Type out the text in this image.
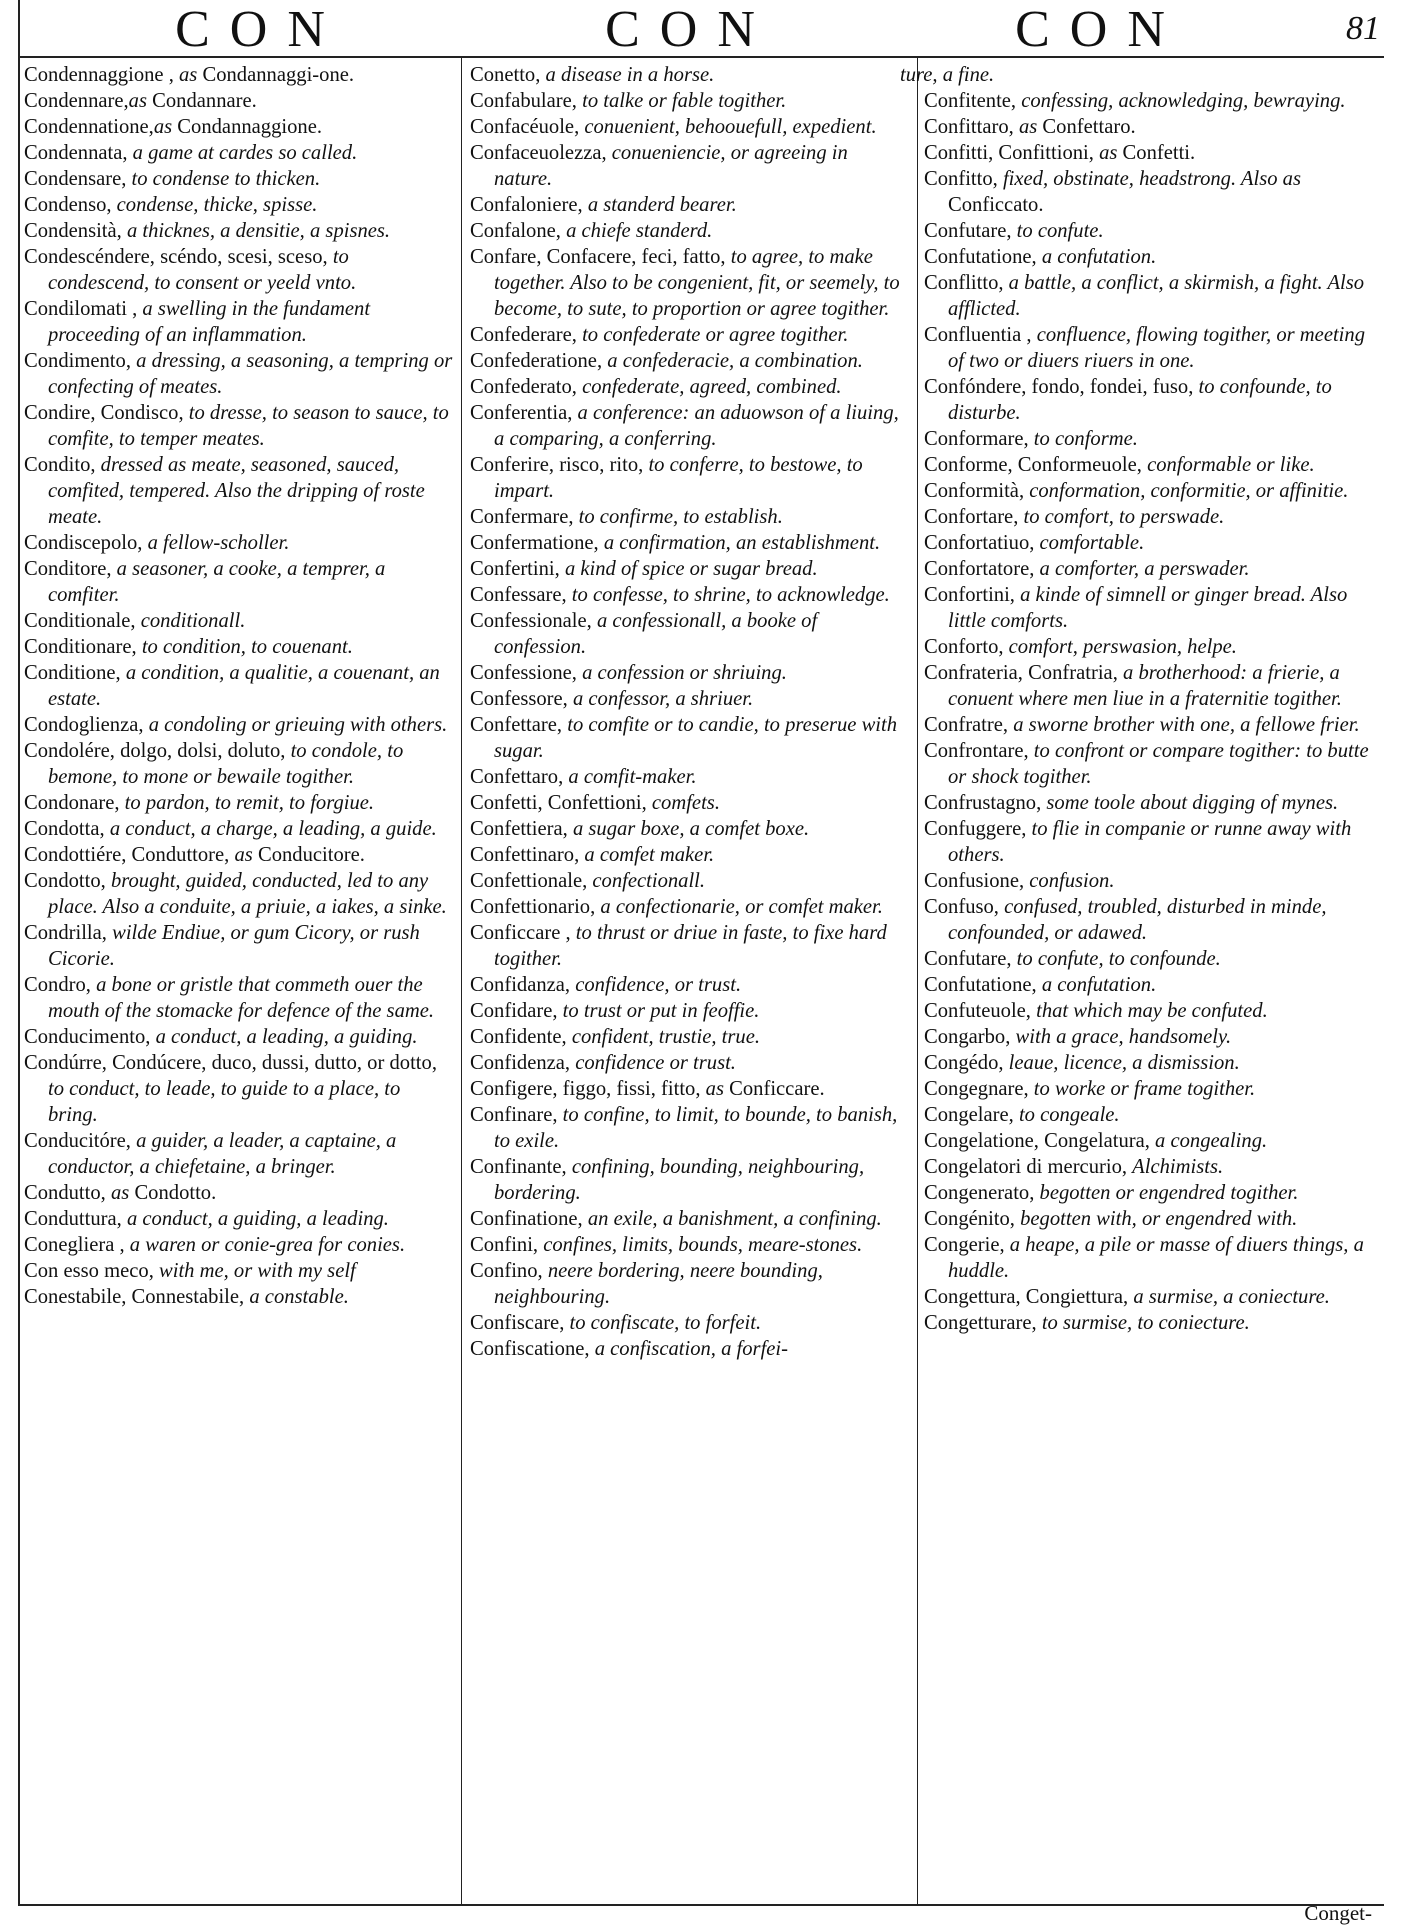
CON	CON	CON	81

Condennaggione , as Condannaggi-one.

Condennare,as Condannare.

Condennatione,as Condannaggione.

Condennata, a game at cardes so called.

Condensare, to condense to thicken.

Condenso, condense, thicke, spisse.

Condensità, a thicknes, a densitie, a spisnes.

Condescéndere, scéndo, scesi, sceso, to condescend, to consent or yeeld vnto.

Condilomati , a swelling in the fundament proceeding of an inflammation.

Condimento, a dressing, a seasoning, a tempring or confecting of meates.

Condire, Condisco, to dresse, to season to sauce, to comfite, to temper meates.

Condito, dressed as meate, seasoned, sauced, comfited, tempered. Also the dripping of roste meate.

Condiscepolo, a fellow-scholler.

Conditore, a seasoner, a cooke, a temprer, a comfiter.

Conditionale, conditionall.

Conditionare, to condition, to couenant.

Conditione, a condition, a qualitie, a couenant, an estate.

Condoglienza, a condoling or grieuing with others.

Condolére, dolgo, dolsi, doluto, to condole, to bemone, to mone or bewaile togither.

Condonare, to pardon, to remit, to forgiue.

Condotta, a conduct, a charge, a leading, a guide.

Condottiére, Conduttore, as Conducitore.

Condotto, brought, guided, conducted, led to any place. Also a conduite, a priuie, a iakes, a sinke.

Condrilla, wilde Endiue, or gum Cicory, or rush Cicorie.

Condro, a bone or gristle that commeth ouer the mouth of the stomacke for defence of the same.

Conducimento, a conduct, a leading, a guiding.

Condúrre, Condúcere, duco, dussi, dutto, or dotto, to conduct, to leade, to guide to a place, to bring.

Conducitóre, a guider, a leader, a captaine, a conductor, a chiefetaine, a bringer.

Condutto, as Condotto.

Conduttura, a conduct, a guiding, a leading.

Conegliera , a waren or conie-grea for conies.

Con esso meco, with me, or with my self

Conestabile, Connestabile, a constable.

Conetto, a disease in a horse.

Confabulare, to talke or fable togither.

Confacéuole, conuenient, behoouefull, expedient.

Confaceuolezza, conueniencie, or agreeing in nature.

Confaloniere, a standerd bearer.

Confalone, a chiefe standerd.

Confare, Confacere, feci, fatto, to agree, to make together. Also to be congenient, fit, or seemely, to become, to sute, to proportion or agree togither.

Confederare, to confederate or agree togither.

Confederatione, a confederacie, a combination.

Confederato, confederate, agreed, combined.

Conferentia, a conference: an aduowson of a liuing, a comparing, a conferring.

Conferire, risco, rito, to conferre, to bestowe, to impart.

Confermare, to confirme, to establish.

Confermatione, a confirmation, an establishment.

Confertini, a kind of spice or sugar bread.

Confessare, to confesse, to shrine, to acknowledge.

Confessionale, a confessionall, a booke of confession.

Confessione, a confession or shriuing.

Confessore, a confessor, a shriuer.

Confettare, to comfite or to candie, to preserue with sugar.

Confettaro, a comfit-maker.

Confetti, Confettioni, comfets.

Confettiera, a sugar boxe, a comfet boxe.

Confettinaro, a comfet maker.

Confettionale, confectionall.

Confettionario, a confectionarie, or comfet maker.

Conficcare , to thrust or driue in faste, to fixe hard togither.

Confidanza, confidence, or trust.

Confidare, to trust or put in feoffie.

Confidente, confident, trustie, true.

Confidenza, confidence or trust.

Configere, figgo, fissi, fitto, as Conficcare.

Confinare, to confine, to limit, to bounde, to banish, to exile.

Confinante, confining, bounding, neighbouring, bordering.

Confinatione, an exile, a banishment, a confining.

Confini, confines, limits, bounds, meare-stones.

Confino, neere bordering, neere bounding, neighbouring.

Confiscare, to confiscate, to forfeit.

Confiscatione, a confiscation, a forfei-

ture, a fine.

Confitente, confessing, acknowledging, bewraying.

Confittaro, as Confettaro.

Confitti, Confittioni, as Confetti.

Confitto, fixed, obstinate, headstrong. Also as Conficcato.

Confutare, to confute.

Confutatione, a confutation.

Conflitto, a battle, a conflict, a skirmish, a fight. Also afflicted.

Confluentia , confluence, flowing togither, or meeting of two or diuers riuers in one.

Confóndere, fondo, fondei, fuso, to confounde, to disturbe.

Conformare, to conforme.

Conforme, Conformeuole, conformable or like.

Conformità, conformation, conformitie, or affinitie.

Confortare, to comfort, to perswade.

Confortatiuo, comfortable.

Confortatore, a comforter, a perswader.

Confortini, a kinde of simnell or ginger bread. Also little comforts.

Conforto, comfort, perswasion, helpe.

Confrateria, Confratria, a brotherhood: a frierie, a conuent where men liue in a fraternitie togither.

Confratre, a sworne brother with one, a fellowe frier.

Confrontare, to confront or compare togither: to butte or shock togither.

Confrustagno, some toole about digging of mynes.

Confuggere, to flie in companie or runne away with others.

Confusione, confusion.

Confuso, confused, troubled, disturbed in minde, confounded, or adawed.

Confutare, to confute, to confounde.

Confutatione, a confutation.

Confuteuole, that which may be confuted.

Congarbo, with a grace, handsomely.

Congédo, leaue, licence, a dismission.

Congegnare, to worke or frame togither.

Congelare, to congeale.

Congelatione, Congelatura, a congealing.

Congelatori di mercurio, Alchimists.

Congenerato, begotten or engendred togither.

Congénito, begotten with, or engendred with.

Congerie, a heape, a pile or masse of diuers things, a huddle.

Congettura, Congiettura, a surmise, a coniecture.

Congetturare, to surmise, to coniecture.

Conget-
